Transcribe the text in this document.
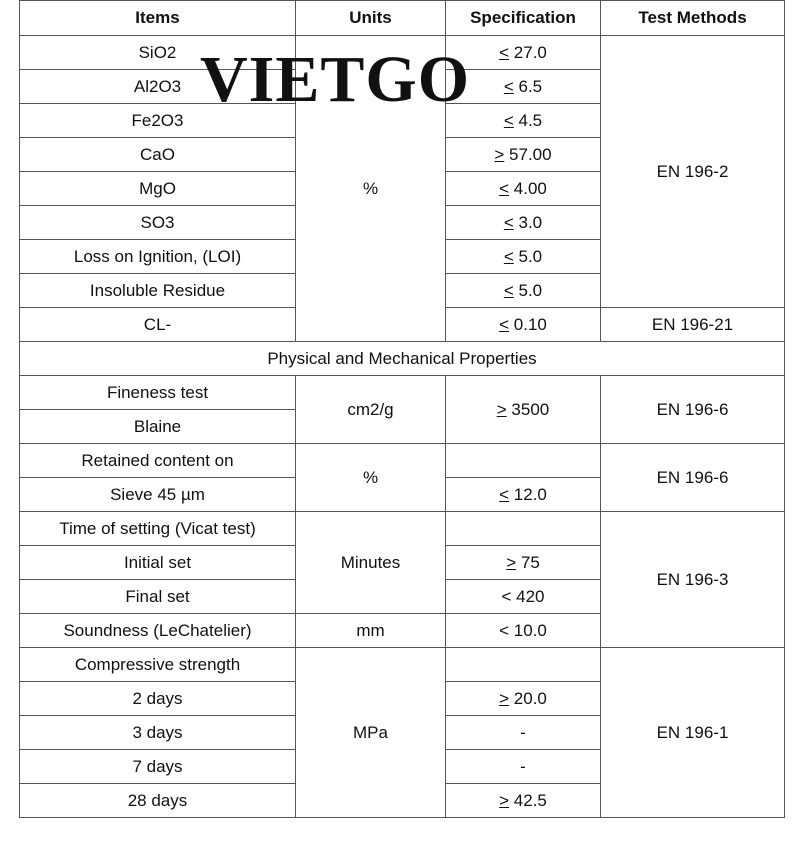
Items	Units	Specification	Test Methods
SiO2	%	< 27.0	EN 196-2
Al2O3		< 6.5	
Fe2O3		< 4.5	
CaO		> 57.00	
MgO		< 4.00	
SO3		< 3.0	
Loss on Ignition, (LOI)		< 5.0	
Insoluble Residue		< 5.0	
CL-		< 0.10	EN 196-21
Physical and Mechanical Properties			
Fineness test	cm2/g	> 3500	EN 196-6
Blaine			
Retained content on	%		EN 196-6
Sieve 45 µm		< 12.0	
Time of setting (Vicat test)	Minutes		EN 196-3
Initial set		> 75	
Final set		< 420	
Soundness (LeChatelier)	mm	< 10.0	
Compressive strength	MPa		EN 196-1
2 days		> 20.0	
3 days		-	
7 days		-	
28 days		> 42.5	
VIETGO
